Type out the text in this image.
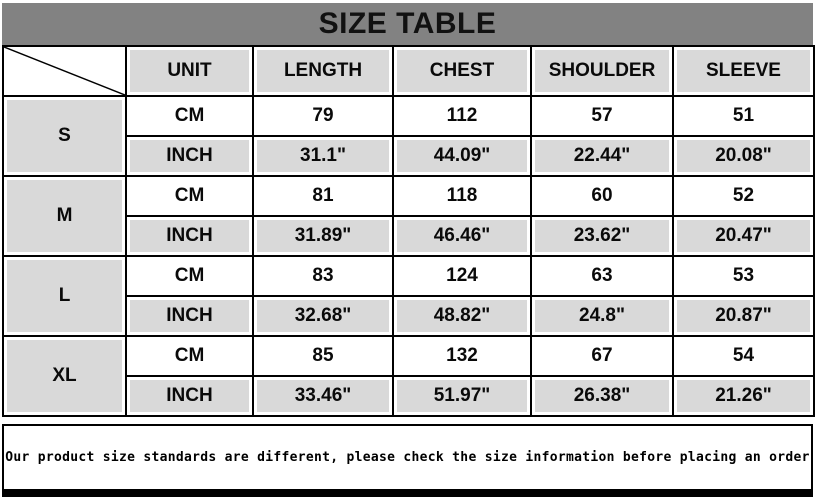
SIZE TABLE
	UNIT	LENGTH	CHEST	SHOULDER	SLEEVE
S	CM	79	112	57	51
	INCH	31.1"	44.09"	22.44"	20.08"
M	CM	81	118	60	52
	INCH	31.89"	46.46"	23.62"	20.47"
L	CM	83	124	63	53
	INCH	32.68"	48.82"	24.8"	20.87"
XL	CM	85	132	67	54
	INCH	33.46"	51.97"	26.38"	21.26"

Our product size standards are different, please check the size information before placing an order
